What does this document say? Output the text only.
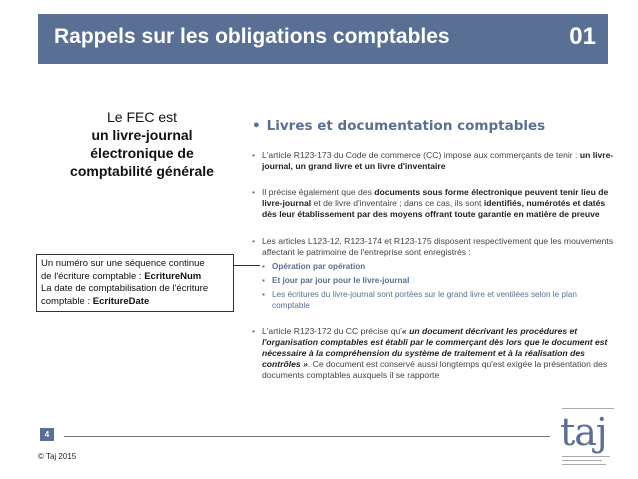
Rappels sur les obligations comptables	01
Le FEC est
un livre-journal
électronique de
comptabilité générale
Un numéro sur une séquence continue
de l'écriture comptable : EcritureNum
La date de comptabilisation de l'écriture
comptable : EcritureDate
• Livres et documentation comptables
• L'article R123-173 du Code de commerce (CC) impose aux commerçants de tenir : un livre-journal, un grand livre et un livre d'inventaire
• Il précise également que des documents sous forme électronique peuvent tenir lieu de livre-journal et de livre d'inventaire ; dans ce cas, ils sont identifiés, numérotés et datés dès leur établissement par des moyens offrant toute garantie en matière de preuve
• Les articles L123-12, R123-174 et R123-175 disposent respectivement que les mouvements affectant le patrimoine de l'entreprise sont enregistrés :
▪ Opération par opération
▪ Et jour par jour pour le livre-journal
▪ Les écritures du livre-journal sont portées sur le grand livre et ventilées selon le plan comptable
• L'article R123-172 du CC précise qu'« un document décrivant les procédures et l'organisation comptables est établi par le commerçant dès lors que le document est nécessaire à la compréhension du système de traitement et à la réalisation des contrôles ». Ce document est conservé aussi longtemps qu'est exigée la présentation des documents comptables auxquels il se rapporte
4
© Taj 2015
taj
